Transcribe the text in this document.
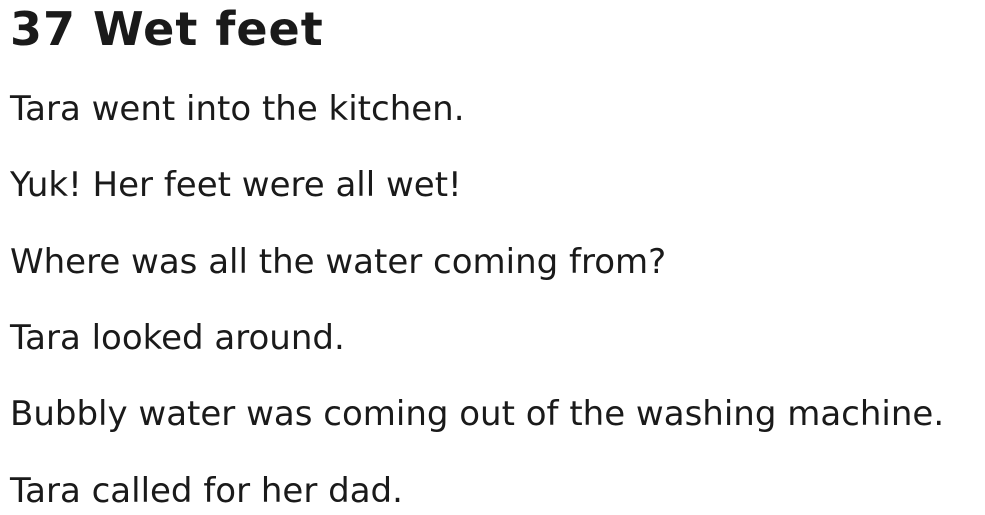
37 Wet feet

Tara went into the kitchen.

Yuk! Her feet were all wet!

Where was all the water coming from?

Tara looked around.

Bubbly water was coming out of the washing machine.

Tara called for her dad.
